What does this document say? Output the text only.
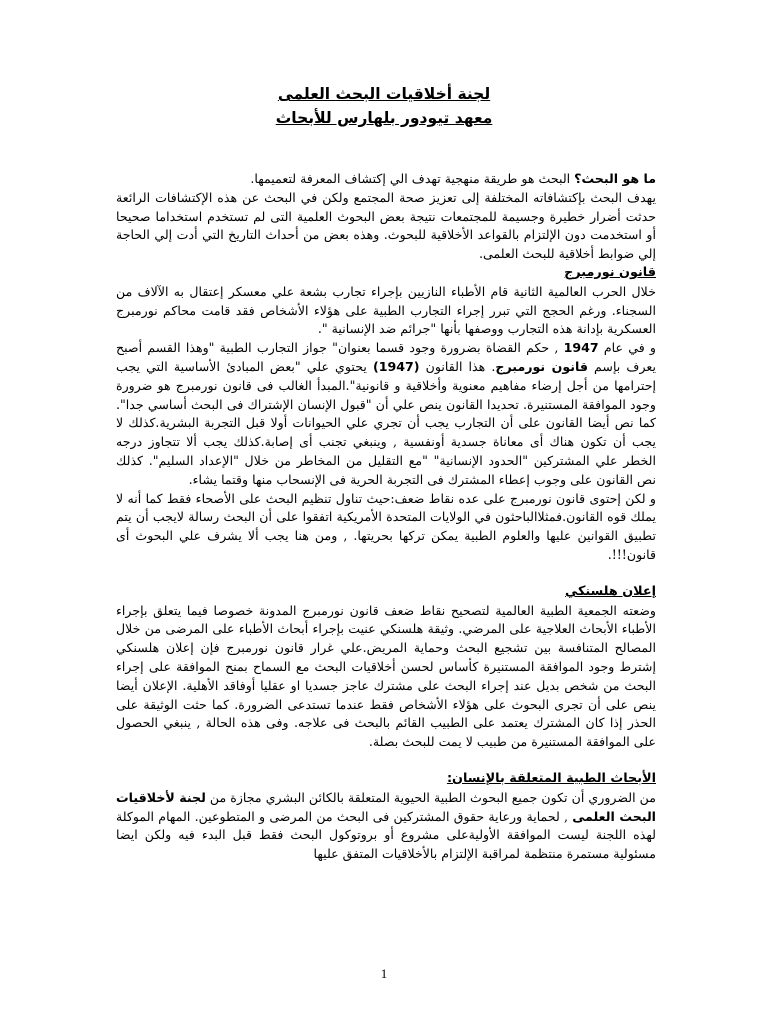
لجنة أخلاقيات البحث العلمى
معهد تيودور بلهارس للأبحاث

ما هو البحث؟ البحث هو طريقة منهجية تهدف الي إكتشاف المعرفة لتعميمها.

يهدف البحث بإكتشافاته المختلفة إلى تعزيز صحة المجتمع ولكن في البحث عن هذه الإكتشافات الرائعة حدثت أضرار خطيرة وجسيمة للمجتمعات نتيجة بعض البحوث العلمية التى لم تستخدم استخداما صحيحا أو استخدمت دون الإلتزام بالقواعد الأخلاقية للبحوث. وهذه بعض من أحداث التاريخ التي أدت إلي الحاجة إلي ضوابط أخلاقية للبحث العلمى.

قانون نورمبرج

خلال الحرب العالمية الثانية قام الأطباء النازيين بإجراء تجارب بشعة علي معسكر إعتقال به الآلاف من السجناء. ورغم الحجج التي تبرر إجراء التجارب الطبية على هؤلاء الأشخاص فقد قامت محاكم نورمبرج العسكرية بإدانة هذه التجارب ووصفها بأنها "جرائم ضد الإنسانية ".

و في عام 1947 , حكم القضاة بضرورة وجود قسما بعنوان" جواز التجارب الطبية "وهذا القسم أصبح يعرف بإسم قانون نورمبرج. هذا القانون (1947) يحتوي علي "بعض المبادئ الأساسية التي يجب إحترامها من أجل إرضاء مفاهيم معنوية وأخلاقية و قانونية".المبدأ الغالب فى قانون نورمبرج هو ضرورة وجود الموافقة المستنيرة. تحديدا القانون ينص علي أن "قبول الإنسان الإشتراك فى البحث أساسي جدا". كما نص أيضا القانون على أن التجارب يجب أن تجري علي الحيوانات أولا قبل التجربة البشرية.كذلك لا يجب أن تكون هناك أى معاناة جسدية أونفسية , وينبغي تجنب أى إصابة.كذلك يجب ألا تتجاوز درجه الخطر علي المشتركين "الحدود الإنسانية" "مع التقليل من المخاطر من خلال "الإعداد السليم". كذلك نص القانون على وجوب إعطاء المشترك فى التجربة الحرية فى الإنسحاب منها وقتما يشاء.

و لكن إحتوى قانون نورمبرج على عده نقاط ضعف:حيث تناول تنظيم البحث على الأصحاء فقط كما أنه لا يملك قوه القانون.فمثلاالباحثون في الولايات المتحدة الأمريكية اتفقوا على أن البحث رسالة لايجب أن يتم تطبيق القوانين عليها والعلوم الطبية يمكن تركها بحريتها. , ومن هنا يجب ألا يشرف علي البحوث أى قانون!!!.

إعلان هلسنكي

وضعته الجمعية الطبية العالمية لتصحيح نقاط ضعف قانون نورمبرج المدونة خصوصا فيما يتعلق بإجراء الأطباء الأبحاث العلاجية على المرضي. وثيقة هلسنكي عنيت بإجراء أبحاث الأطباء على المرضى من خلال المصالح المتنافسة بين تشجيع البحث وحماية المريض.علي غرار قانون نورمبرج فإن إعلان هلسنكي إشترط وجود الموافقة المستنيرة كأساس لحسن أخلاقيات البحث مع السماح بمنح الموافقة على إجراء البحث من شخص بديل عند إجراء البحث على مشترك عاجز جسديا او عقليا أوفاقد الأهلية. الإعلان أيضا ينص على أن تجرى البحوث على هؤلاء الأشخاص فقط عندما تستدعى الضرورة. كما حثت الوثيقة على الحذر إذا كان المشترك يعتمد على الطبيب القائم بالبحث فى علاجه. وفى هذه الحالة , ينبغي الحصول على الموافقة المستنيرة من طبيب لا يمت للبحث بصلة.

الأبحاث الطبية المتعلقة بالإنسان:

من الضروري أن تكون جميع البحوث الطبية الحيوية المتعلقة بالكائن البشري مجازة من لجنة لأخلاقيات البحث العلمى , لحماية ورعاية حقوق المشتركين فى البحث من المرضى و المتطوعين. المهام الموكلة لهذه اللجنة ليست الموافقة الأوليةعلى مشروع أو بروتوكول البحث فقط قبل البدء فيه ولكن ايضا مسئولية مستمرة منتظمة لمراقبة الإلتزام بالأخلاقيات المتفق عليها

1
